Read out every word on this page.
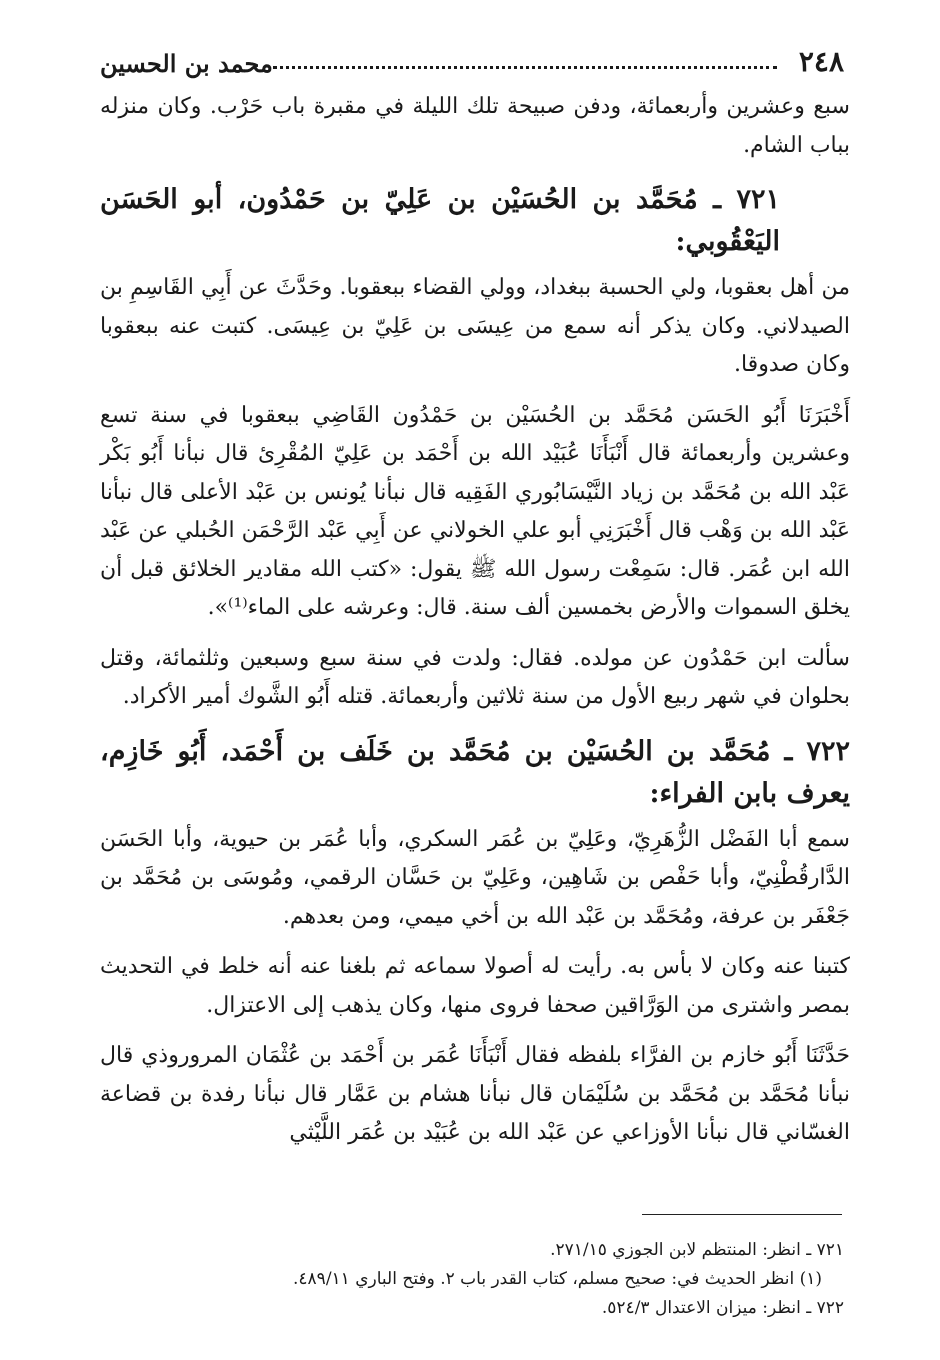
٢٤٨
محمد بن الحسين

سبع وعشرين وأربعمائة، ودفن صبيحة تلك الليلة في مقبرة باب حَرْب. وكان منزله بباب الشام.

٧٢١ ـ مُحَمَّد بن الحُسَيْن بن عَلِيّ بن حَمْدُون، أبو الحَسَن اليَعْقُوبي:

من أهل بعقوبا، ولي الحسبة ببغداد، وولي القضاء ببعقوبا. وحَدَّثَ عن أَبِي القَاسِمِ بن الصيدلاني. وكان يذكر أنه سمع من عِيسَى بن عَلِيّ بن عِيسَى. كتبت عنه ببعقوبا وكان صدوقا.

أَخْبَرَنَا أَبُو الحَسَن مُحَمَّد بن الحُسَيْن بن حَمْدُون القَاضِي ببعقوبا في سنة تسع وعشرين وأربعمائة قال أَنْبَأَنَا عُبَيْد الله بن أَحْمَد بن عَلِيّ المُقْرِئ قال نبأنا أَبُو بَكْر عَبْد الله بن مُحَمَّد بن زياد النَّيْسَابُوري الفَقِيه قال نبأنا يُونس بن عَبْد الأعلى قال نبأنا عَبْد الله بن وَهْب قال أَخْبَرَنِي أبو علي الخولاني عن أَبِي عَبْد الرَّحْمَن الحُبلي عن عَبْد الله ابن عُمَر. قال: سَمِعْت رسول الله ﷺ يقول: «كتب الله مقادير الخلائق قبل أن يخلق السموات والأرض بخمسين ألف سنة. قال: وعرشه على الماء⁽¹⁾».

سألت ابن حَمْدُون عن مولده. فقال: ولدت في سنة سبع وسبعين وثلثمائة، وقتل بحلوان في شهر ربيع الأول من سنة ثلاثين وأربعمائة. قتله أَبُو الشَّوك أمير الأكراد.

٧٢٢ ـ مُحَمَّد بن الحُسَيْن بن مُحَمَّد بن خَلَف بن أَحْمَد، أَبُو خَازِم، يعرف بابن الفراء:

سمع أبا الفَضْل الزُّهَرِيّ، وعَلِيّ بن عُمَر السكري، وأبا عُمَر بن حيوية، وأبا الحَسَن الدَّارقُطْنِيّ، وأبا حَفْص بن شَاهِين، وعَلِيّ بن حَسَّان الرقمي، ومُوسَى بن مُحَمَّد بن جَعْفَر بن عرفة، ومُحَمَّد بن عَبْد الله بن أخي ميمي، ومن بعدهم.

كتبنا عنه وكان لا بأس به. رأيت له أصولا سماعه ثم بلغنا عنه أنه خلط في التحديث بمصر واشترى من الوَرَّاقين صحفا فروى منها، وكان يذهب إلى الاعتزال.

حَدَّثَنَا أَبُو خازم بن الفرَّاء بلفظه فقال أَنْبَأَنَا عُمَر بن أَحْمَد بن عُثْمَان المروروذي قال نبأنا مُحَمَّد بن مُحَمَّد بن سُلَيْمَان قال نبأنا هشام بن عَمَّار قال نبأنا رفدة بن قضاعة الغسّاني قال نبأنا الأوزاعي عن عَبْد الله بن عُبَيْد بن عُمَر اللَّيْثي

٧٢١ ـ انظر: المنتظم لابن الجوزي ٢٧١/١٥.
(١) انظر الحديث في: صحيح مسلم، كتاب القدر باب ٢. وفتح الباري ٤٨٩/١١.
٧٢٢ ـ انظر: ميزان الاعتدال ٥٢٤/٣.
